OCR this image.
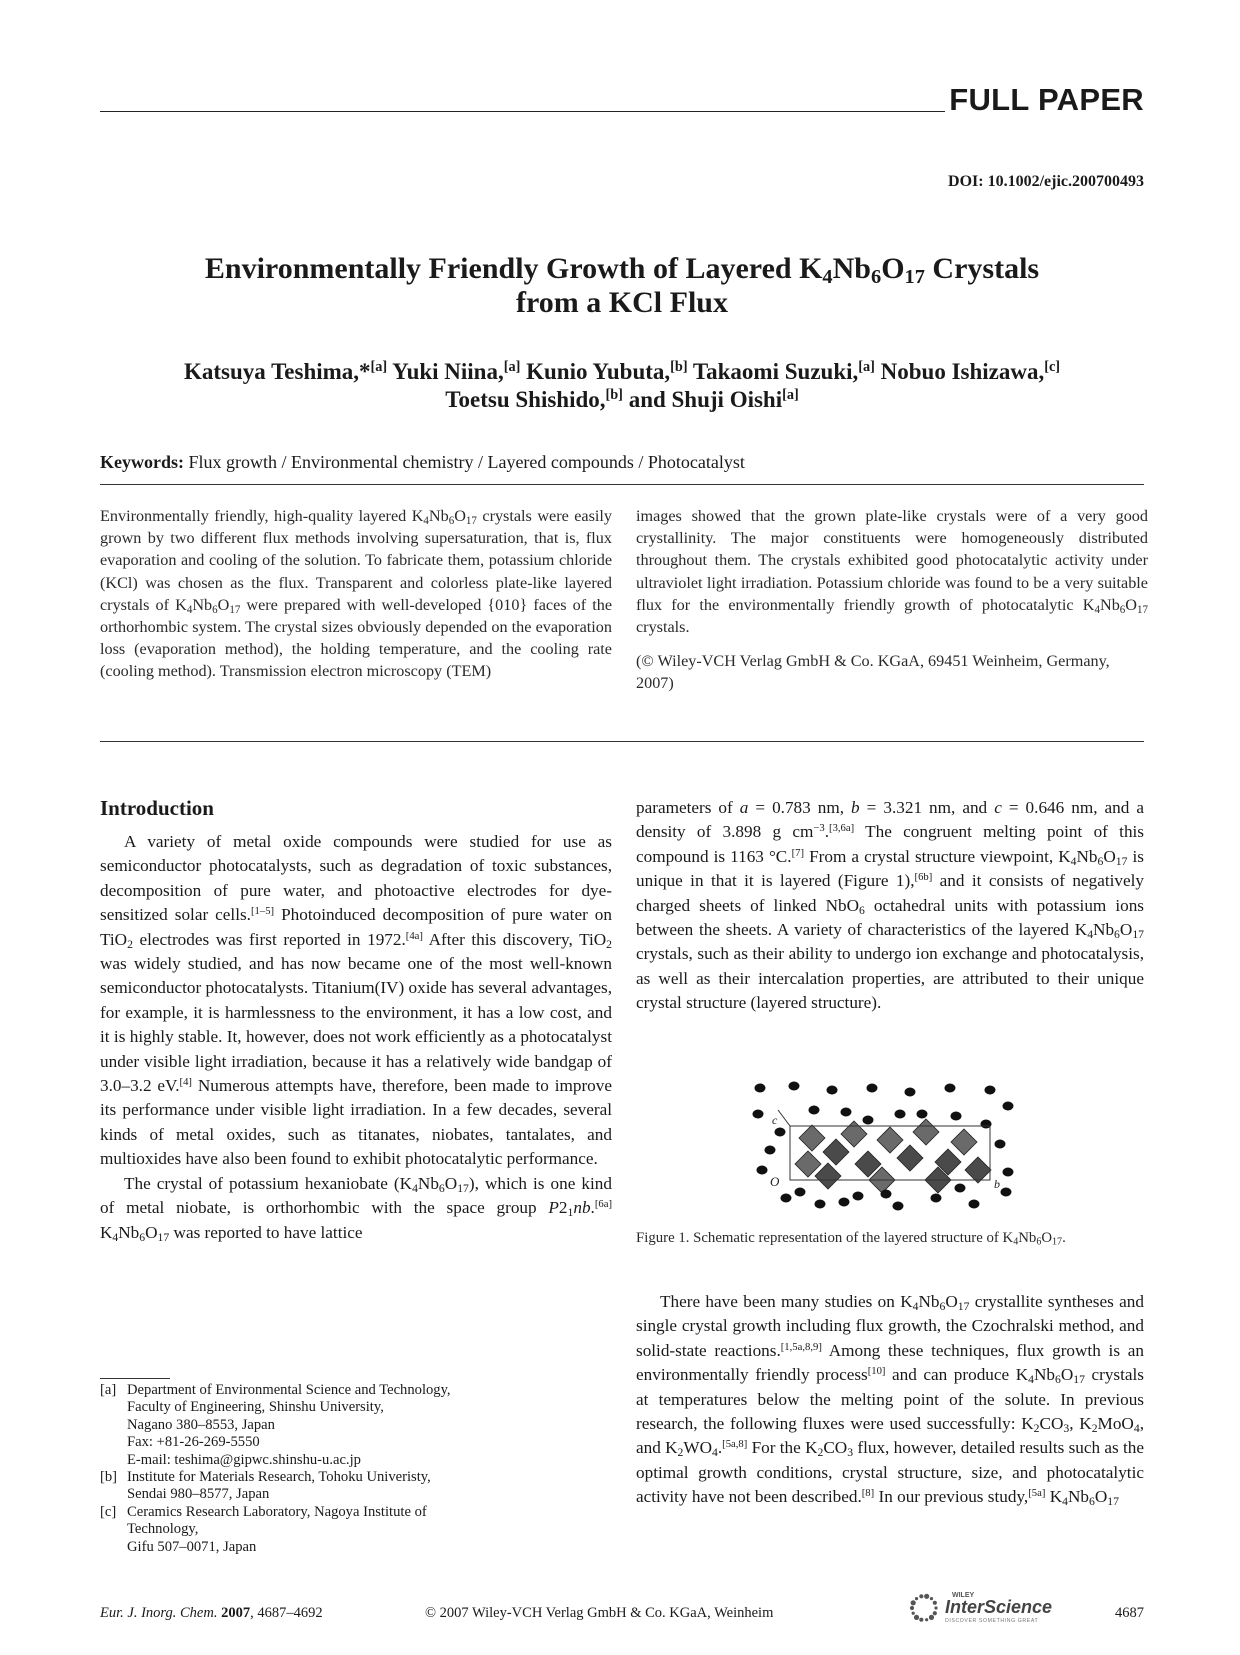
FULL PAPER
DOI: 10.1002/ejic.200700493
Environmentally Friendly Growth of Layered $K_4Nb_6O_{17}$ Crystals
from a KCl Flux
Katsuya Teshima,*[a] Yuki Niina,[a] Kunio Yubuta,[b] Takaomi Suzuki,[a] Nobuo Ishizawa,[c]
Toetsu Shishido,[b] and Shuji Oishi[a]
Keywords: Flux growth / Environmental chemistry / Layered compounds / Photocatalyst
Environmentally friendly, high-quality layered $K_4Nb_6O_{17}$ crystals were easily grown by two different flux methods involving supersaturation, that is, flux evaporation and cooling of the solution. To fabricate them, potassium chloride (KCl) was chosen as the flux. Transparent and colorless plate-like layered crystals of $K_4Nb_6O_{17}$ were prepared with well-developed {010} faces of the orthorhombic system. The crystal sizes obviously depended on the evaporation loss (evaporation method), the holding temperature, and the cooling rate (cooling method). Transmission electron microscopy (TEM)
images showed that the grown plate-like crystals were of a very good crystallinity. The major constituents were homogeneously distributed throughout them. The crystals exhibited good photocatalytic activity under ultraviolet light irradiation. Potassium chloride was found to be a very suitable flux for the environmentally friendly growth of photocatalytic $K_4Nb_6O_{17}$ crystals.
(© Wiley-VCH Verlag GmbH & Co. KGaA, 69451 Weinheim, Germany, 2007)
Introduction

A variety of metal oxide compounds were studied for use as semiconductor photocatalysts, such as degradation of toxic substances, decomposition of pure water, and photoactive electrodes for dye-sensitized solar cells.[1–5] Photoinduced decomposition of pure water on TiO$_2$ electrodes was first reported in 1972.[4a] After this discovery, TiO$_2$ was widely studied, and has now became one of the most well-known semiconductor photocatalysts. Titanium(IV) oxide has several advantages, for example, it is harmlessness to the environment, it has a low cost, and it is highly stable. It, however, does not work efficiently as a photocatalyst under visible light irradiation, because it has a relatively wide bandgap of 3.0–3.2 eV.[4] Numerous attempts have, therefore, been made to improve its performance under visible light irradiation. In a few decades, several kinds of metal oxides, such as titanates, niobates, tantalates, and multioxides have also been found to exhibit photocatalytic performance.

The crystal of potassium hexaniobate $(K_4Nb_6O_{17})$, which is one kind of metal niobate, is orthorhombic with the space group $P2_1nb.[6a]$ $K_4Nb_6O_{17}$ was reported to have lattice

parameters of a = 0.783 nm, b = 3.321 nm, and c = 0.646 nm, and a density of 3.898 g $cm^{-3}.[3,6a]$ The congruent melting point of this compound is 1163 °C.[7] From a crystal structure viewpoint, $K_4Nb_6O_{17}$ is unique in that it is layered (Figure 1),[6b] and it consists of negatively charged sheets of linked NbO$_6$ octahedral units with potassium ions between the sheets. A variety of characteristics of the layered $K_4Nb_6O_{17}$ crystals, such as their ability to undergo ion exchange and photocatalysis, as well as their intercalation properties, are attributed to their unique crystal structure (layered structure).

c
O	b
Figure 1. Schematic representation of the layered structure of $K_4Nb_6O_{17}$.

There have been many studies on $K_4Nb_6O_{17}$ crystallite syntheses and single crystal growth including flux growth, the Czochralski method, and solid-state reactions.[1,5a,8,9] Among these techniques, flux growth is an environmentally friendly process[10] and can produce $K_4Nb_6O_{17}$ crystals at temperatures below the melting point of the solute. In previous research, the following fluxes were used successfully: $K_2CO_3$, $K_2MoO_4$, and $K_2WO_4.[5a,8]$ For the $K_2CO_3$ flux, however, detailed results such as the optimal growth conditions, crystal structure, size, and photocatalytic activity have not been described.[8] In our previous study,[5a] $K_4Nb_6O_{17}$

[a] Department of Environmental Science and Technology,
Faculty of Engineering, Shinshu University,
Nagano 380–8553, Japan
Fax: +81-26-269-5550
E-mail: teshima@gipwc.shinshu-u.ac.jp
[b] Institute for Materials Research, Tohoku Univeristy,
Sendai 980–8577, Japan
[c] Ceramics Research Laboratory, Nagoya Institute of
Technology,
Gifu 507–0071, Japan
Eur. J. Inorg. Chem. 2007, 4687–4692	© 2007 Wiley-VCH Verlag GmbH & Co. KGaA, Weinheim
WILEY
InterScience
DISCOVER SOMETHING GREAT	4687
